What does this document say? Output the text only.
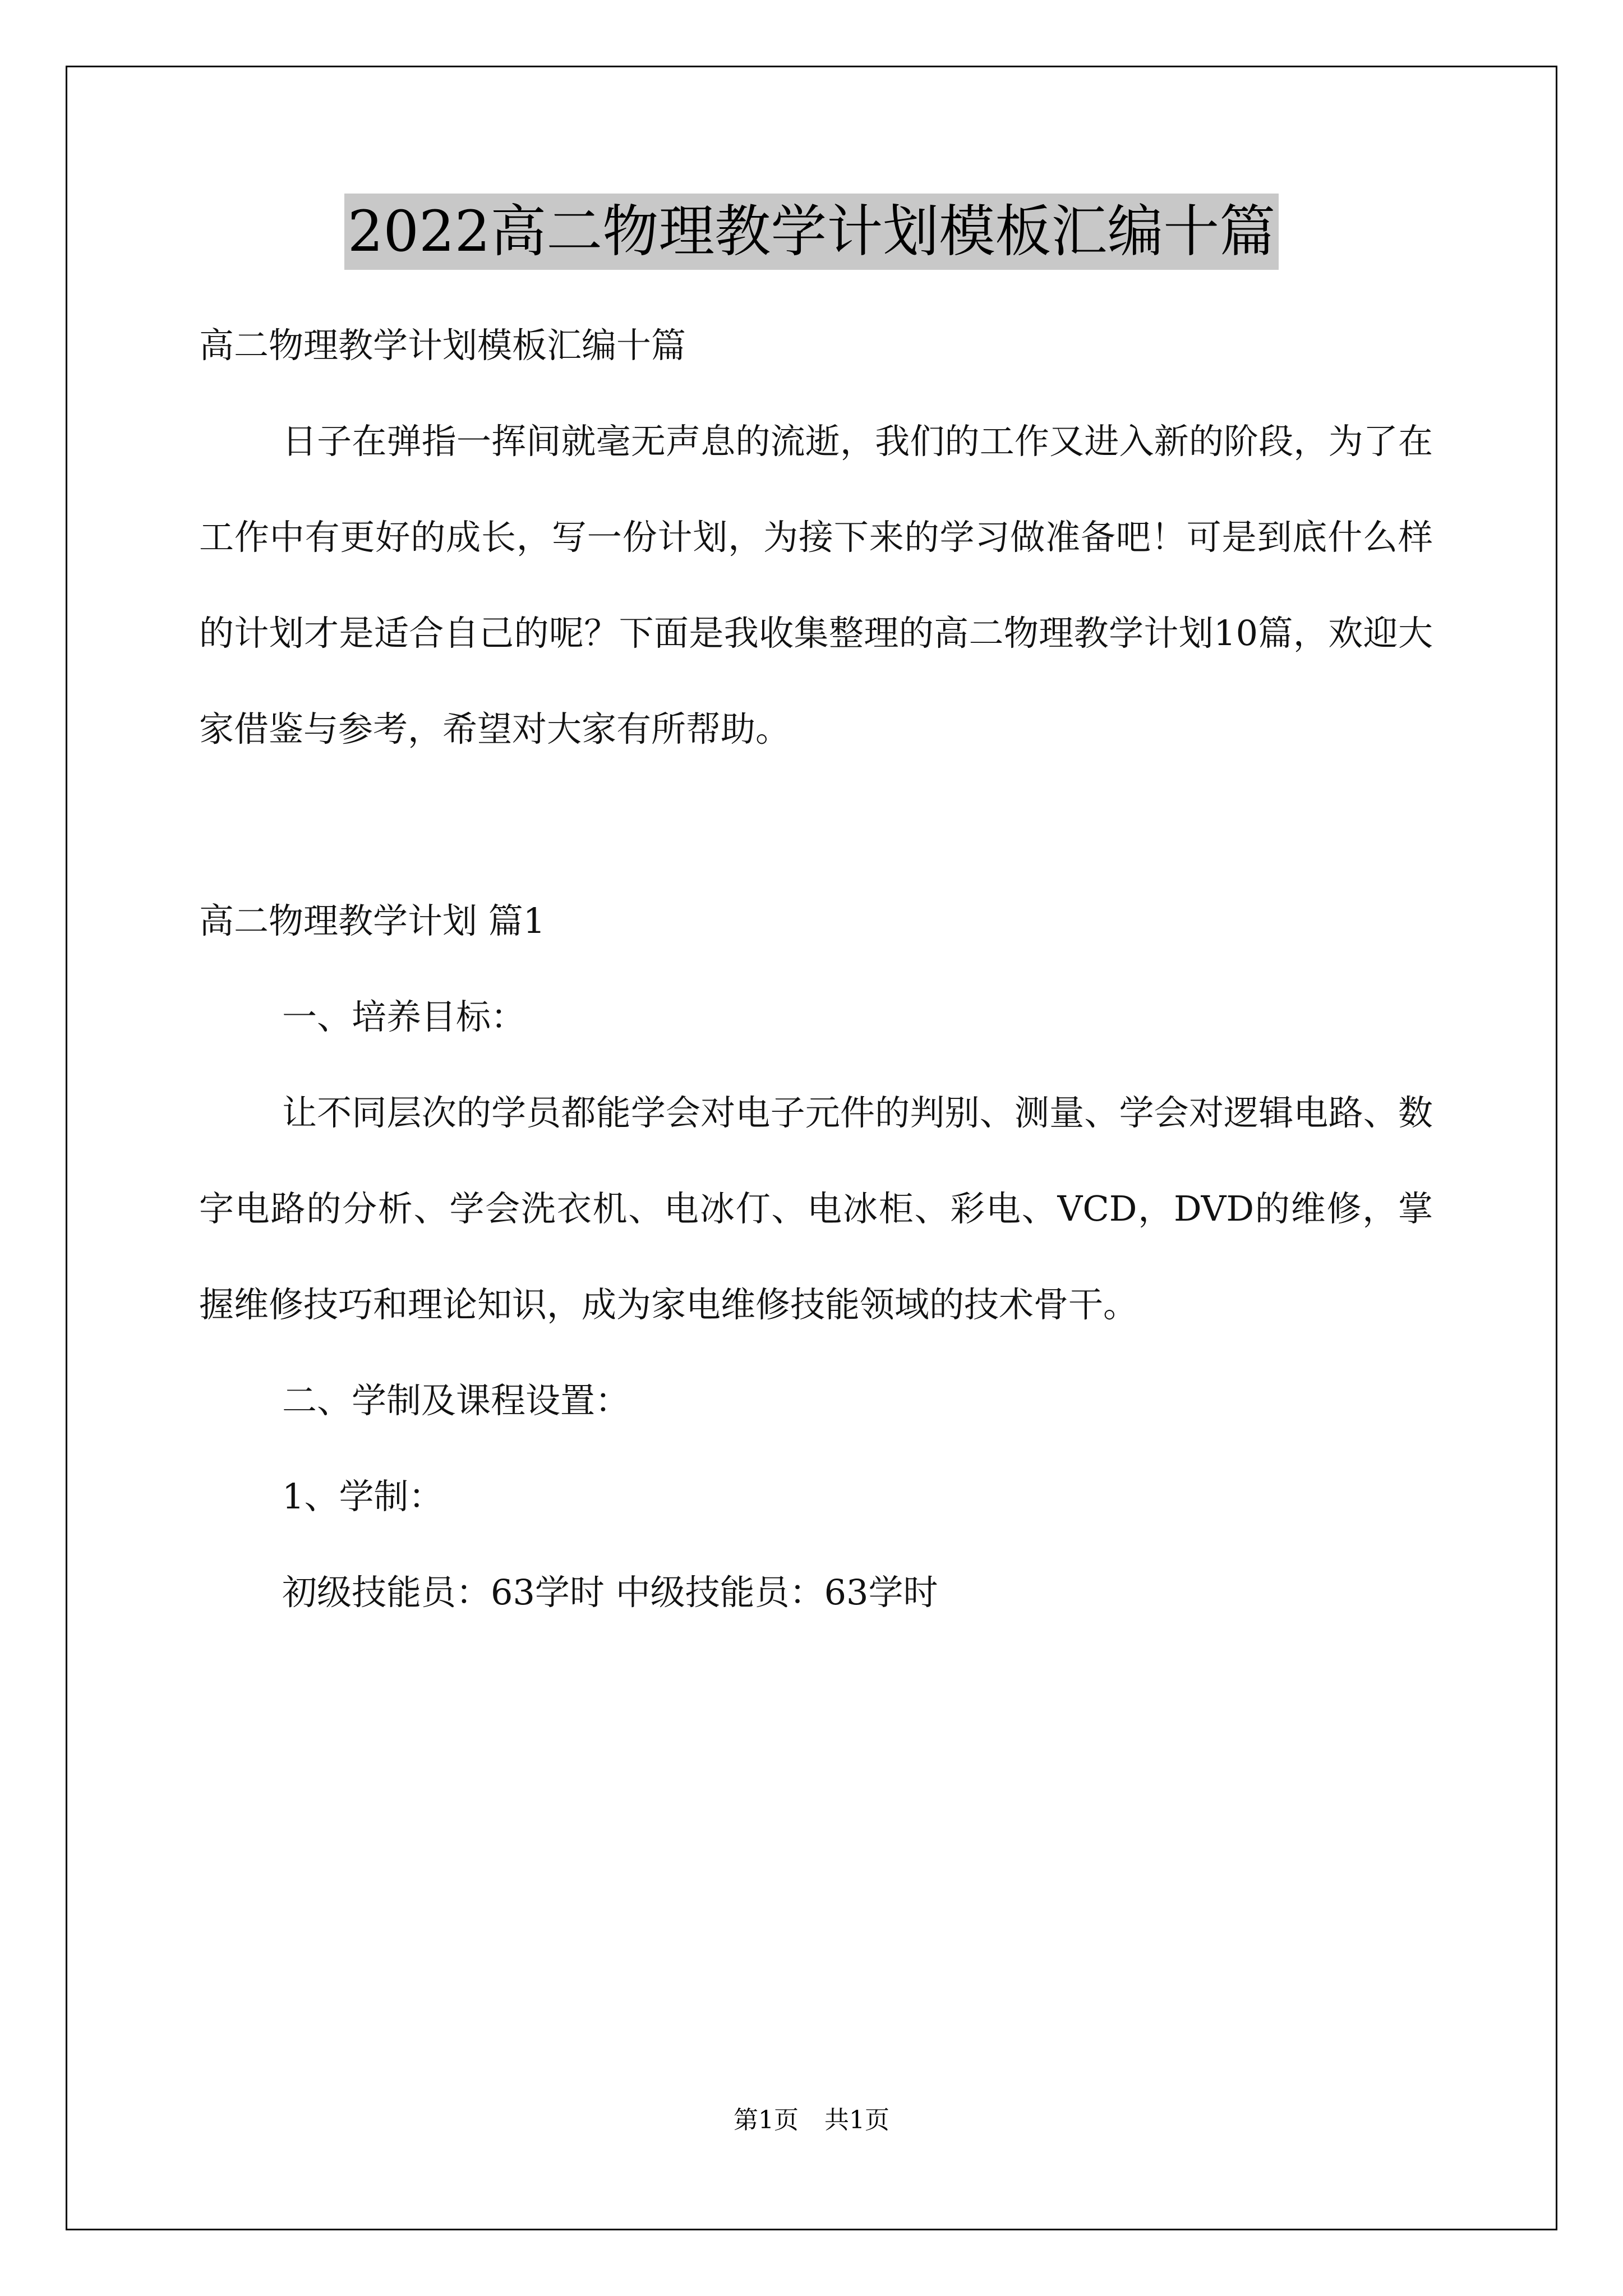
2022高二物理教学计划模板汇编十篇

高二物理教学计划模板汇编十篇

日子在弹指一挥间就毫无声息的流逝，我们的工作又进入新的阶段，为了在工作中有更好的成长，写一份计划，为接下来的学习做准备吧！可是到底什么样的计划才是适合自己的呢？下面是我收集整理的高二物理教学计划10篇，欢迎大家借鉴与参考，希望对大家有所帮助。

高二物理教学计划 篇1

一、培养目标：

让不同层次的学员都能学会对电子元件的判别、测量、学会对逻辑电路、数字电路的分析、学会洗衣机、电冰仃、电冰柜、彩电、VCD，DVD的维修，掌握维修技巧和理论知识，成为家电维修技能领域的技术骨干。

二、学制及课程设置：

1、学制：

初级技能员：63学时 中级技能员：63学时

第1页 共1页
